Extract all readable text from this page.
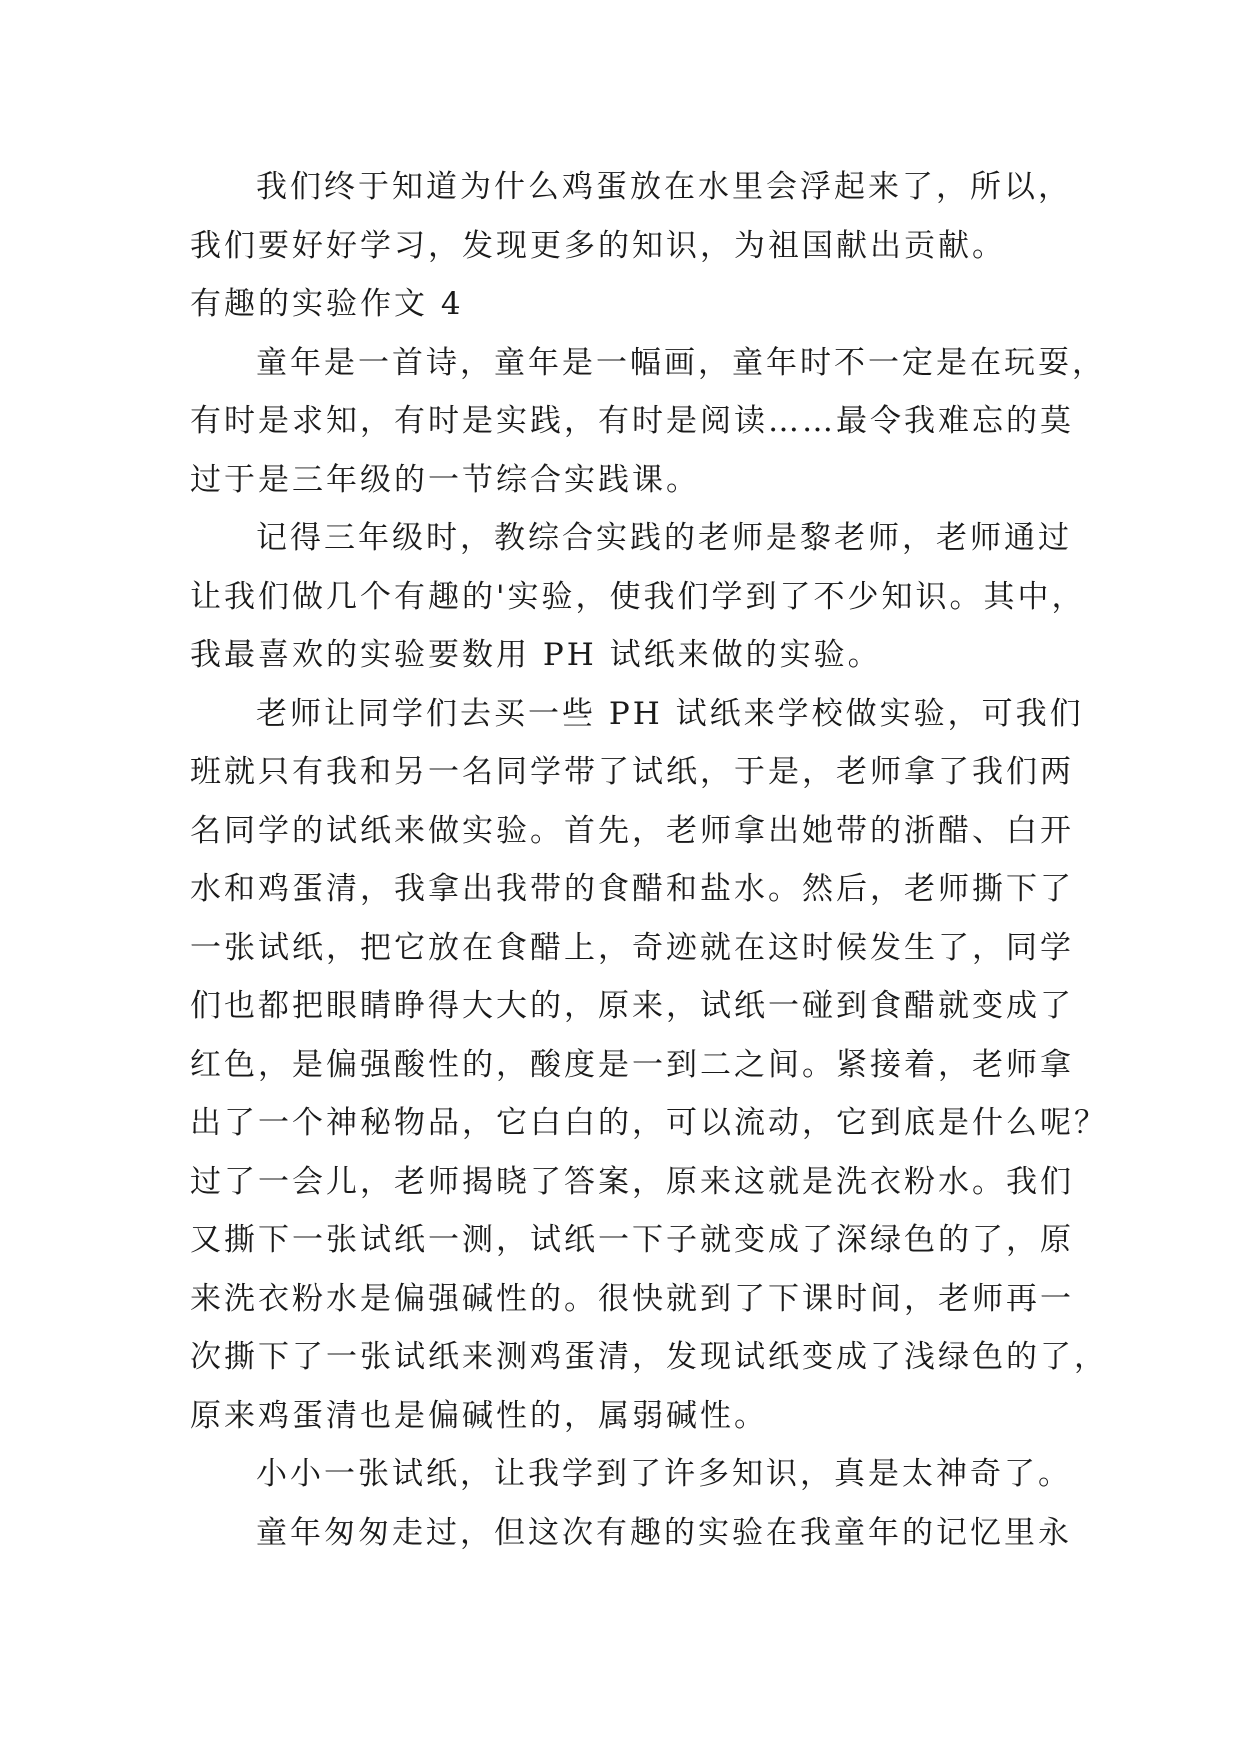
我们终于知道为什么鸡蛋放在水里会浮起来了，所以，
我们要好好学习，发现更多的知识，为祖国献出贡献。
有趣的实验作文 4
童年是一首诗，童年是一幅画，童年时不一定是在玩耍，
有时是求知，有时是实践，有时是阅读……最令我难忘的莫
过于是三年级的一节综合实践课。
记得三年级时，教综合实践的老师是黎老师，老师通过
让我们做几个有趣的'实验，使我们学到了不少知识。其中，
我最喜欢的实验要数用 PH 试纸来做的实验。
老师让同学们去买一些 PH 试纸来学校做实验，可我们
班就只有我和另一名同学带了试纸，于是，老师拿了我们两
名同学的试纸来做实验。首先，老师拿出她带的浙醋、白开
水和鸡蛋清，我拿出我带的食醋和盐水。然后，老师撕下了
一张试纸，把它放在食醋上，奇迹就在这时候发生了，同学
们也都把眼睛睁得大大的，原来，试纸一碰到食醋就变成了
红色，是偏强酸性的，酸度是一到二之间。紧接着，老师拿
出了一个神秘物品，它白白的，可以流动，它到底是什么呢？
过了一会儿，老师揭晓了答案，原来这就是洗衣粉水。我们
又撕下一张试纸一测，试纸一下子就变成了深绿色的了，原
来洗衣粉水是偏强碱性的。很快就到了下课时间，老师再一
次撕下了一张试纸来测鸡蛋清，发现试纸变成了浅绿色的了，
原来鸡蛋清也是偏碱性的，属弱碱性。
小小一张试纸，让我学到了许多知识，真是太神奇了。
童年匆匆走过，但这次有趣的实验在我童年的记忆里永
